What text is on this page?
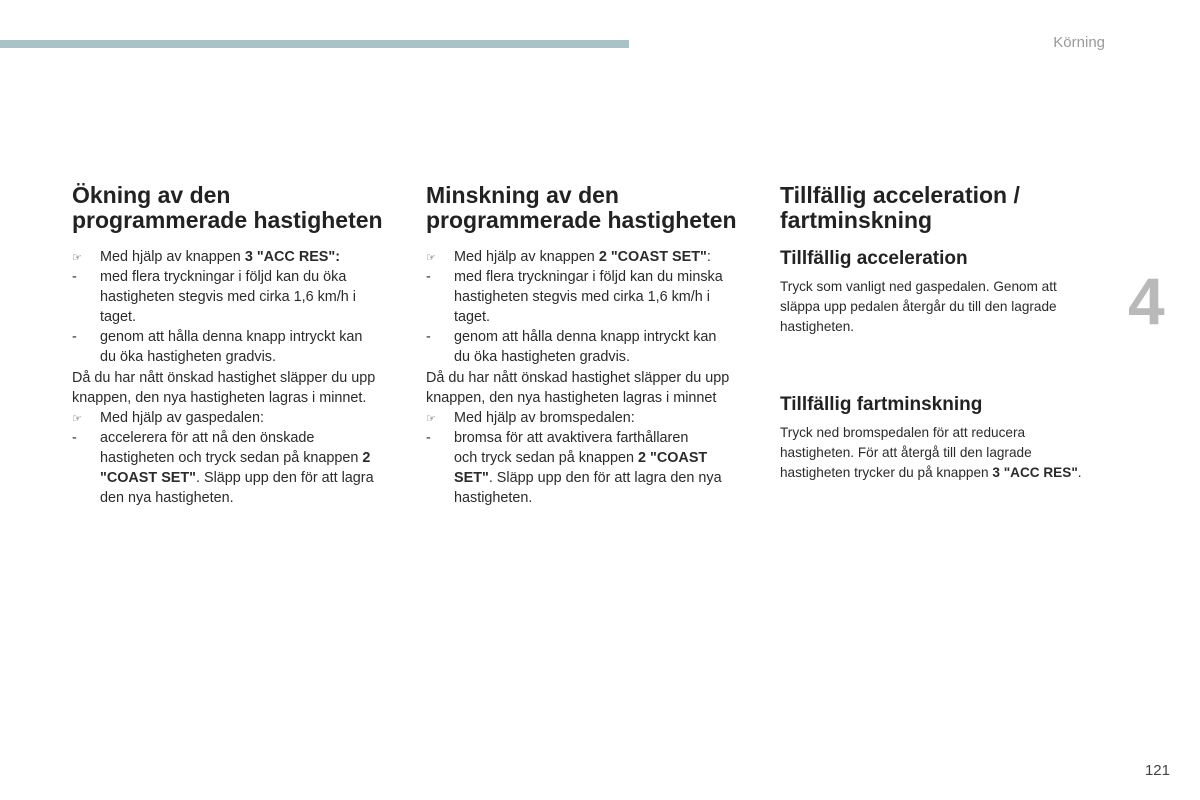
Körning
4
Ökning av den
programmerade hastigheten
☞	Med hjälp av knappen 3 "ACC RES":
-	med flera tryckningar i följd kan du öka
hastigheten stegvis med cirka 1,6 km/h i
taget.
-	genom att hålla denna knapp intryckt kan
du öka hastigheten gradvis.
Då du har nått önskad hastighet släpper du upp
knappen, den nya hastigheten lagras i minnet.
☞	Med hjälp av gaspedalen:
-	accelerera för att nå den önskade
hastigheten och tryck sedan på knappen 2
"COAST SET". Släpp upp den för att lagra
den nya hastigheten.
Minskning av den
programmerade hastigheten
☞	Med hjälp av knappen 2 "COAST SET":
-	med flera tryckningar i följd kan du minska
hastigheten stegvis med cirka 1,6 km/h i
taget.
-	genom att hålla denna knapp intryckt kan
du öka hastigheten gradvis.
Då du har nått önskad hastighet släpper du upp
knappen, den nya hastigheten lagras i minnet
☞	Med hjälp av bromspedalen:
-	bromsa för att avaktivera farthållaren
och tryck sedan på knappen 2 "COAST
SET". Släpp upp den för att lagra den nya
hastigheten.
Tillfällig acceleration /
fartminskning
Tillfällig acceleration
Tryck som vanligt ned gaspedalen. Genom att
släppa upp pedalen återgår du till den lagrade
hastigheten.
Tillfällig fartminskning
Tryck ned bromspedalen för att reducera
hastigheten. För att återgå till den lagrade
hastigheten trycker du på knappen 3 "ACC RES".
121
